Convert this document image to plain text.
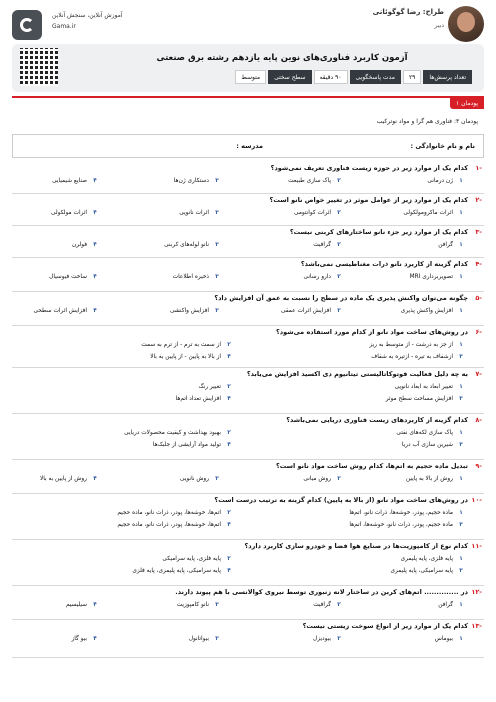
طراح: رضا گوگوئانی
دبیر
آموزش آنلاین، سنجش آنلاین
Gama.ir
آزمون کاربرد فناوری‌های نوین پایه یازدهم رشته برق صنعتی
تعداد پرسش‌ها
۲۹
مدت پاسخگویی
۹۰ دقیقه
سطح سختی
متوسط
پودمان ۱
پودمان ۳: فناوری هم گرا و مواد نوترکیب
نام و نام خانوادگی :
مدرسه :
-۱
کدام یک از موارد زیر در حوزه زیست فناوری تعریف نمی‌شود؟
۱ژن درمانی
۲پاک سازی طبیعت
۳دستکاری ژن‌ها
۴صنایع شیمیایی
-۲
کدام یک از موارد زیر از عوامل موثر در تغییر خواص نانو است؟
۱اثرات ماکرومولکولی
۲اثرات کوانتومی
۳اثرات نانویی
۴اثرات مولکولی
-۳
کدام یک از موارد زیر جزء نانو ساختارهای کربنی نیست؟
۱گرافن
۲گرافیت
۳نانو لوله‌های کربنی
۴فولرن
-۴
کدام گزینه از کاربرد نانو ذرات مغناطیسی نمی‌باشد؟
۱تصویربرداری MRI
۲دارو رسانی
۳ذخیره اطلاعات
۴ساخت فیوسیال
-۵
چگونه می‌توان واکنش پذیری یک ماده در سطح را نسبت به عمق آن افزایش داد؟
۱افزایش واکنش پذیری
۲افزایش اثرات عمقی
۳افزایش واکنشی
۴افزایش اثرات سطحی
-۶
در روش‌های ساخت مواد نانو از کدام مورد استفاده می‌شود؟
۱از جز به درشت - از متوسط به ریز
۲از سمت به ترم - از ترم به سمت
۳ازشفاف به تیره - ازتیره به شفاف
۴از بالا به پایین - از پایین به بالا
-۷
به چه دلیل فعالیت فوتوکاتالیستی تیتانیوم دی اکسید افزایش می‌یابد؟
۱تغییر ابعاد به ابعاد نانویی
۲تغییر رنگ
۳افزایش مساحت سطح موثر
۴افزایش تعداد اتم‌ها
-۸
کدام گزینه از کاربردهای زیست فناوری دریایی نمی‌باشد؟
۱پاک سازی لکه‌های نفتی
۲بهبود بهداشت و کیفیت محصولات دریایی
۳شیرین سازی آب دریا
۴تولید مواد آرایشی از جلبک‌ها
-۹
تبدیل ماده حجیم به اتم‌ها، کدام روش ساخت مواد نانو است؟
۱روش از بالا به پایین
۲روش میانی
۳روش نانویی
۴روش از پایین به بالا
-۱۰
در روش‌های ساخت مواد نانو (از بالا به پایین) کدام گزینه به ترتیب درست است؟
۱ماده حجیم، پودر، خوشه‌ها، ذرات نانو، اتم‌ها
۲اتم‌ها، خوشه‌ها، پودر، ذرات نانو، ماده حجیم
۳ماده حجیم، پودر، ذرات نانو، خوشه‌ها، اتم‌ها
۴اتم‌ها، خوشه‌ها، پودر، ذرات نانو، ماده حجیم
-۱۱
کدام نوع از کامپوزیت‌ها در صنایع هوا فضا و خودرو سازی کاربرد دارد؟
۱پایه فلزی، پایه پلیمری
۲پایه فلزی، پایه سرامیکی
۳پایه سرامیکی، پایه پلیمری
۴پایه سرامیکی، پایه پلیمری، پایه فلزی
-۱۲
در .............. اتم‌های کربن در ساختار لانه زنبوری توسط نیروی کوالانسی با هم پیوند دارند.
۱گرافن
۲گرافیت
۳نانو کامپوزیت
۴سیلیسیم
-۱۳
کدام یک از موارد زیر از انواع سوخت زیستی نیست؟
۱بیوماس
۲بیودیزل
۳بیواتانول
۴بیو گاز
